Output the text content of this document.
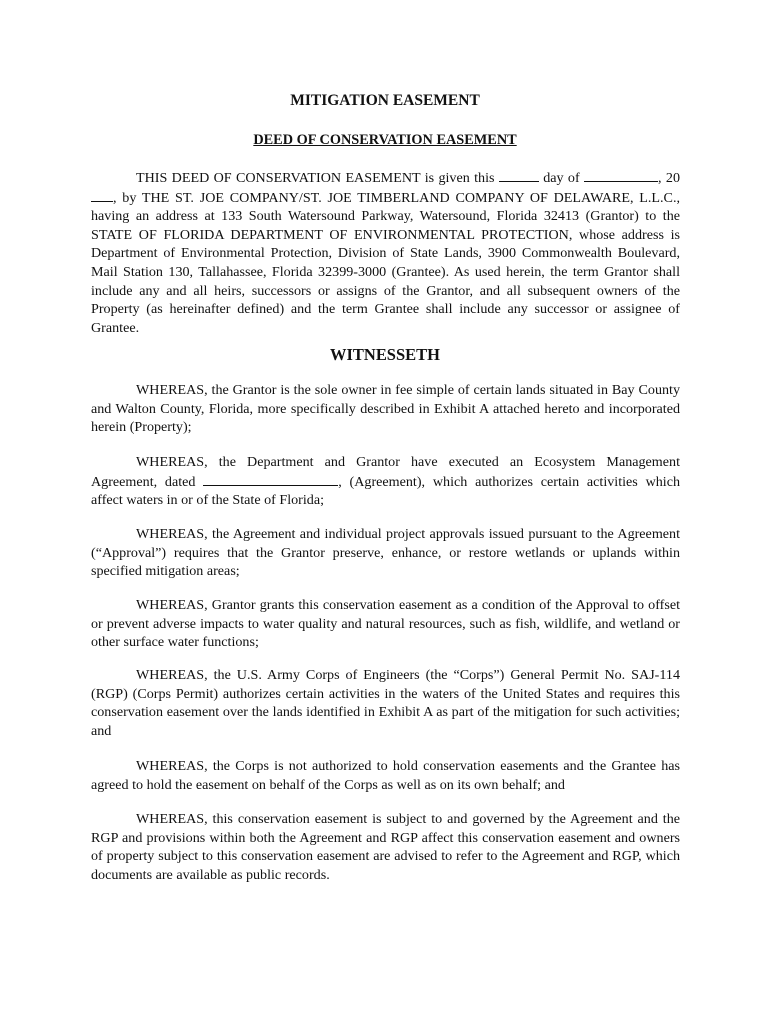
MITIGATION EASEMENT
DEED OF CONSERVATION EASEMENT

THIS DEED OF CONSERVATION EASEMENT is given this	day of	, 20, by THE ST. JOE COMPANY/ST. JOE TIMBERLAND COMPANY OF DELAWARE, L.L.C., having an address at 133 South Watersound Parkway, Watersound, Florida 32413 (Grantor) to the STATE OF FLORIDA DEPARTMENT OF ENVIRONMENTAL PROTECTION, whose address is Department of Environmental Protection, Division of State Lands, 3900 Commonwealth Boulevard, Mail Station 130, Tallahassee, Florida 32399-3000 (Grantee). As used herein, the term Grantor shall include any and all heirs, successors or assigns of the Grantor, and all subsequent owners of the Property (as hereinafter defined) and the term Grantee shall include any successor or assignee of Grantee.

WITNESSETH

WHEREAS, the Grantor is the sole owner in fee simple of certain lands situated in Bay County and Walton County, Florida, more specifically described in Exhibit A attached hereto and incorporated herein (Property);

WHEREAS, the Department and Grantor have executed an Ecosystem Management Agreement, dated	, (Agreement), which authorizes certain activities which affect waters in or of the State of Florida;

WHEREAS, the Agreement and individual project approvals issued pursuant to the Agreement (“Approval”) requires that the Grantor preserve, enhance, or restore wetlands or uplands within specified mitigation areas;

WHEREAS, Grantor grants this conservation easement as a condition of the Approval to offset or prevent adverse impacts to water quality and natural resources, such as fish, wildlife, and wetland or other surface water functions;

WHEREAS, the U.S. Army Corps of Engineers (the “Corps”) General Permit No. SAJ-114 (RGP) (Corps Permit) authorizes certain activities in the waters of the United States and requires this conservation easement over the lands identified in Exhibit A as part of the mitigation for such activities; and

WHEREAS, the Corps is not authorized to hold conservation easements and the Grantee has agreed to hold the easement on behalf of the Corps as well as on its own behalf; and

WHEREAS, this conservation easement is subject to and governed by the Agreement and the RGP and provisions within both the Agreement and RGP affect this conservation easement and owners of property subject to this conservation easement are advised to refer to the Agreement and RGP, which documents are available as public records.
